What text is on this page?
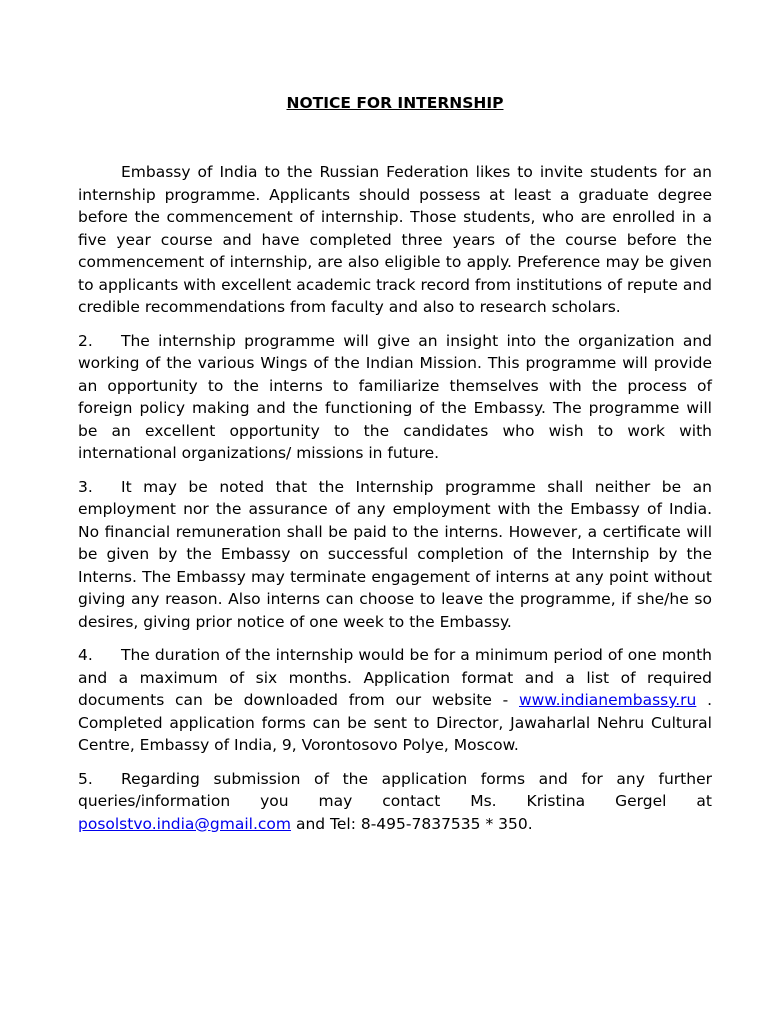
NOTICE FOR INTERNSHIP

Embassy of India to the Russian Federation likes to invite students for an internship programme. Applicants should possess at least a graduate degree before the commencement of internship. Those students, who are enrolled in a five year course and have completed three years of the course before the commencement of internship, are also eligible to apply. Preference may be given to applicants with excellent academic track record from institutions of repute and credible recommendations from faculty and also to research scholars.

2. The internship programme will give an insight into the organization and working of the various Wings of the Indian Mission. This programme will provide an opportunity to the interns to familiarize themselves with the process of foreign policy making and the functioning of the Embassy. The programme will be an excellent opportunity to the candidates who wish to work with international organizations/ missions in future.

3. It may be noted that the Internship programme shall neither be an employment nor the assurance of any employment with the Embassy of India. No financial remuneration shall be paid to the interns. However, a certificate will be given by the Embassy on successful completion of the Internship by the Interns. The Embassy may terminate engagement of interns at any point without giving any reason. Also interns can choose to leave the programme, if she/he so desires, giving prior notice of one week to the Embassy.

4. The duration of the internship would be for a minimum period of one month and a maximum of six months. Application format and a list of required documents can be downloaded from our website - www.indianembassy.ru . Completed application forms can be sent to Director, Jawaharlal Nehru Cultural Centre, Embassy of India, 9, Vorontosovo Polye, Moscow.

5. Regarding submission of the application forms and for any further queries/information you may contact Ms. Kristina Gergel at posolstvo.india@gmail.com and Tel: 8-495-7837535 * 350.
